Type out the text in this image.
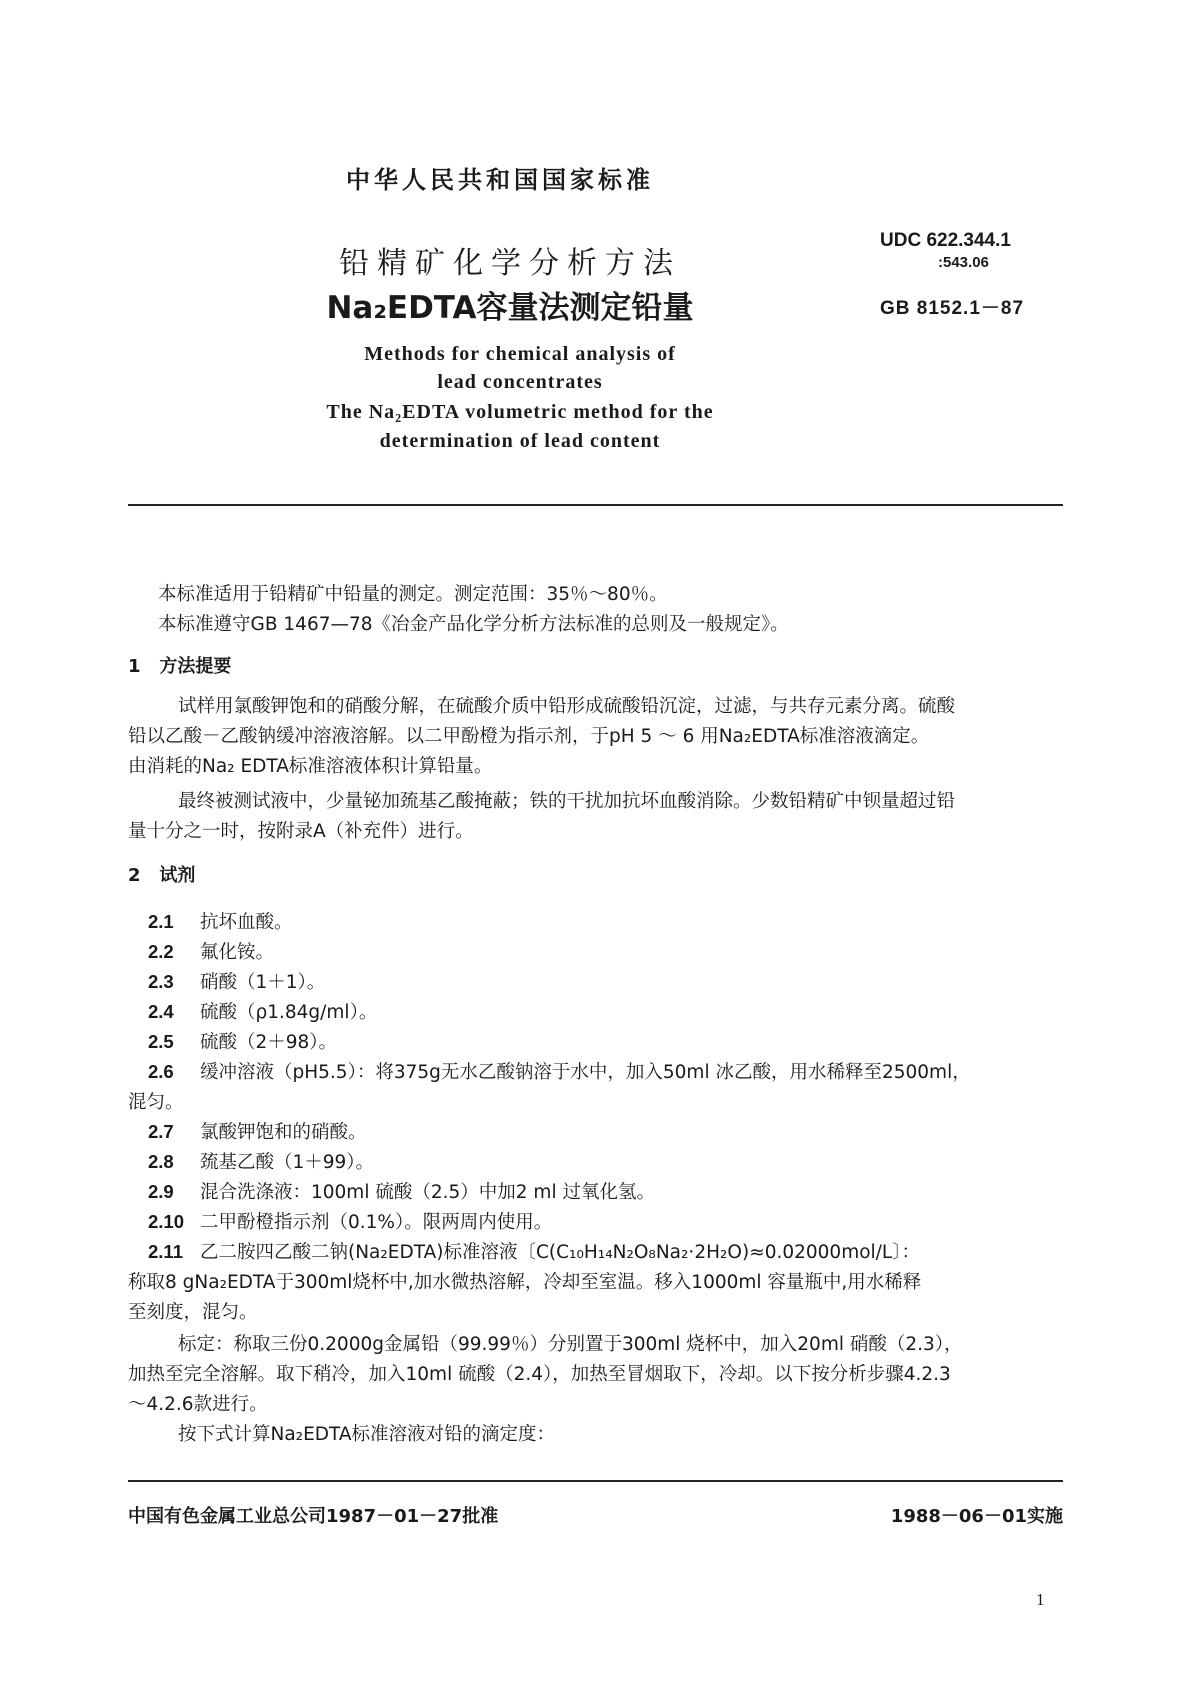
中华人民共和国国家标准
铅精矿化学分析方法
Na₂EDTA容量法测定铅量
UDC 622.344.1
:543.06
GB 8152.1－87
Methods for chemical analysis of
lead concentrates
The Na₂EDTA volumetric method for the
determination of lead content
本标准适用于铅精矿中铅量的测定。测定范围：35％～80％。
本标准遵守GB 1467—78《冶金产品化学分析方法标准的总则及一般规定》。
1 方法提要
试样用氯酸钾饱和的硝酸分解，在硫酸介质中铅形成硫酸铅沉淀，过滤，与共存元素分离。硫酸
铅以乙酸－乙酸钠缓冲溶液溶解。以二甲酚橙为指示剂，于pH 5 ～ 6 用Na₂EDTA标准溶液滴定。
由消耗的Na₂ EDTA标准溶液体积计算铅量。
最终被测试液中，少量铋加巯基乙酸掩蔽；铁的干扰加抗坏血酸消除。少数铅精矿中钡量超过铅
量十分之一时，按附录A（补充件）进行。
2 试剂
2.1 抗坏血酸。
2.2 氟化铵。
2.3 硝酸（1＋1）。
2.4 硫酸（ρ1.84g/ml）。
2.5 硫酸（2＋98）。
2.6 缓冲溶液（pH5.5）：将375g无水乙酸钠溶于水中，加入50ml 冰乙酸，用水稀释至2500ml，
混匀。
2.7 氯酸钾饱和的硝酸。
2.8 巯基乙酸（1＋99）。
2.9 混合洗涤液：100ml 硫酸（2.5）中加2 ml 过氧化氢。
2.10 二甲酚橙指示剂（0.1%）。限两周内使用。
2.11 乙二胺四乙酸二钠(Na₂EDTA)标准溶液〔C(C₁₀H₁₄N₂O₈Na₂·2H₂O)≈0.02000mol/L〕：
称取8 gNa₂EDTA于300ml烧杯中,加水微热溶解，冷却至室温。移入1000ml 容量瓶中,用水稀释
至刻度，混匀。
标定：称取三份0.2000g金属铅（99.99％）分别置于300ml 烧杯中，加入20ml 硝酸（2.3），
加热至完全溶解。取下稍冷，加入10ml 硫酸（2.4），加热至冒烟取下，冷却。以下按分析步骤4.2.3
～4.2.6款进行。
按下式计算Na₂EDTA标准溶液对铅的滴定度：
中国有色金属工业总公司1987－01－27批准	1988－06－01实施
1
